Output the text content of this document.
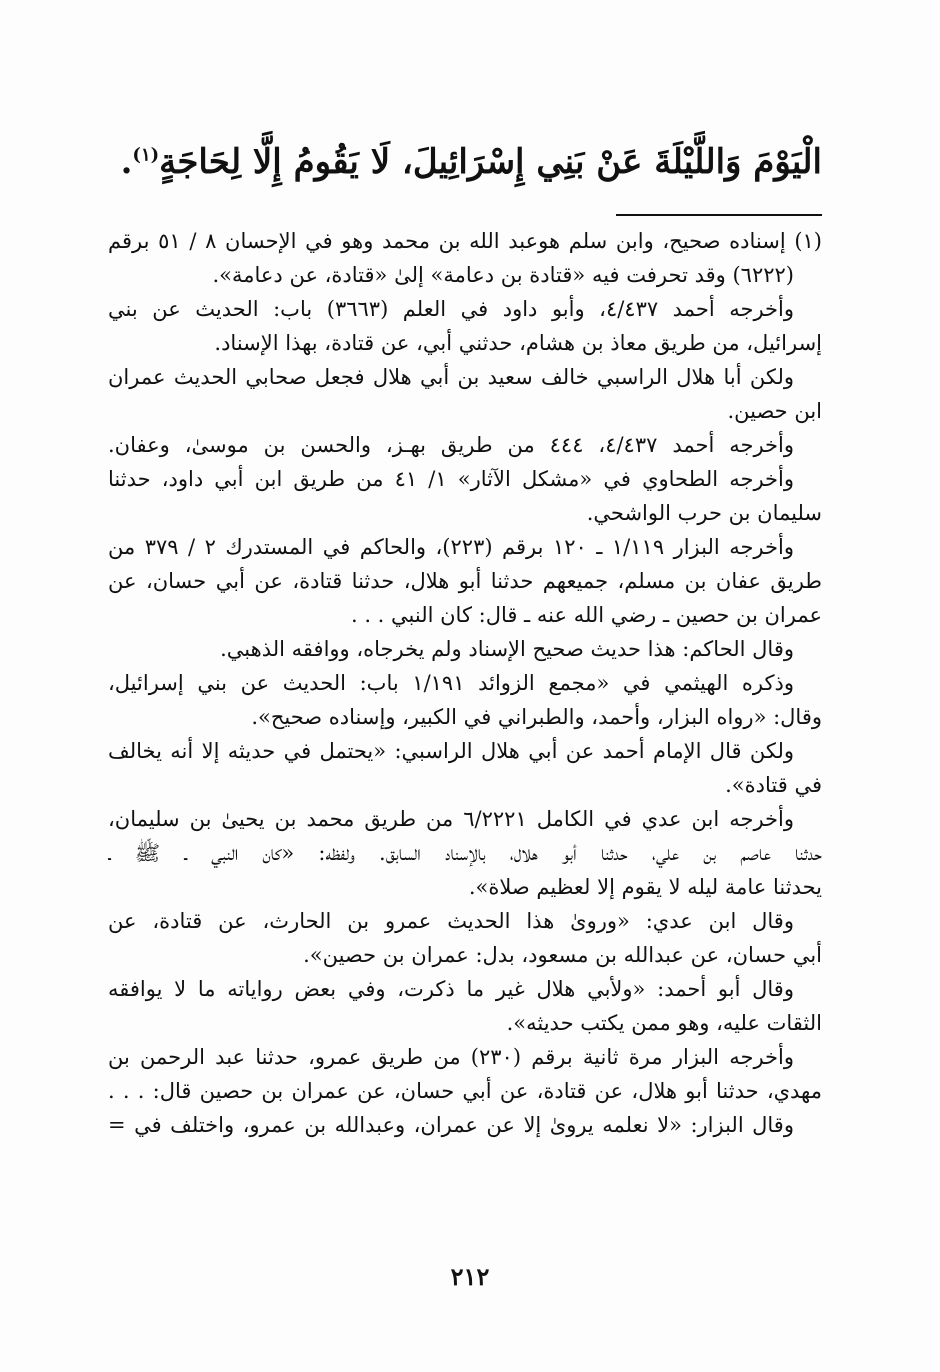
الْيَوْمَ وَاللَّيْلَةَ عَنْ بَنِي إِسْرَائِيلَ، لَا يَقُومُ إِلَّا لِحَاجَةٍ$^{(١)}$.
(١) إسناده صحيح، وابن سلم هوعبد الله بن محمد وهو في الإحسان ٨ / ٥١ برقم
(٦٢٢٢) وقد تحرفت فيه «قتادة بن دعامة» إلىٰ «قتادة، عن دعامة».
وأخرجه أحمد ٤/٤٣٧، وأبو داود في العلم (٣٦٦٣) باب: الحديث عن بني
إسرائيل، من طريق معاذ بن هشام، حدثني أبي، عن قتادة، بهذا الإسناد.
ولكن أبا هلال الراسبي خالف سعيد بن أبي هلال فجعل صحابي الحديث عمران
ابن حصين.
وأخرجه أحمد ٤/٤٣٧، ٤٤٤ من طريق بهـز، والحسن بن موسىٰ، وعفان.
وأخرجه الطحاوي في «مشكل الآثار» ١/ ٤١ من طريق ابن أبي داود، حدثنا
سليمان بن حرب الواشحي.
وأخرجه البزار ١/١١٩ ـ ١٢٠ برقم (٢٢٣)، والحاكم في المستدرك ٢ / ٣٧٩ من
طريق عفان بن مسلم، جميعهم حدثنا أبو هلال، حدثنا قتادة، عن أبي حسان، عن
عمران بن حصين ـ رضي الله عنه ـ قال: كان النبي . . .
وقال الحاكم: هذا حديث صحيح الإسناد ولم يخرجاه، ووافقه الذهبي.
وذكره الهيثمي في «مجمع الزوائد ١/١٩١ باب: الحديث عن بني إسرائيل،
وقال: «رواه البزار، وأحمد، والطبراني في الكبير، وإسناده صحيح».
ولكن قال الإمام أحمد عن أبي هلال الراسبي: «يحتمل في حديثه إلا أنه يخالف
في قتادة».
وأخرجه ابن عدي في الكامل ٦/٢٢٢١ من طريق محمد بن يحيىٰ بن سليمان،
حدثنا عاصم بن علي، حدثنا أبو هلال، بالإسناد السابق. ولفظه: «كان النبي ـ ﷺ ـ
يحدثنا عامة ليله لا يقوم إلا لعظيم صلاة».
وقال ابن عدي: «وروىٰ هذا الحديث عمرو بن الحارث، عن قتادة، عن
أبي حسان، عن عبدالله بن مسعود، بدل: عمران بن حصين».
وقال أبو أحمد: «ولأبي هلال غير ما ذكرت، وفي بعض رواياته ما لا يوافقه
الثقات عليه، وهو ممن يكتب حديثه».
وأخرجه البزار مرة ثانية برقم (٢٣٠) من طريق عمرو، حدثنا عبد الرحمن بن
مهدي، حدثنا أبو هلال، عن قتادة، عن أبي حسان، عن عمران بن حصين قال: . . .
وقال البزار: «لا نعلمه يروىٰ إلا عن عمران، وعبدالله بن عمرو، واختلف في =
٢١٢
